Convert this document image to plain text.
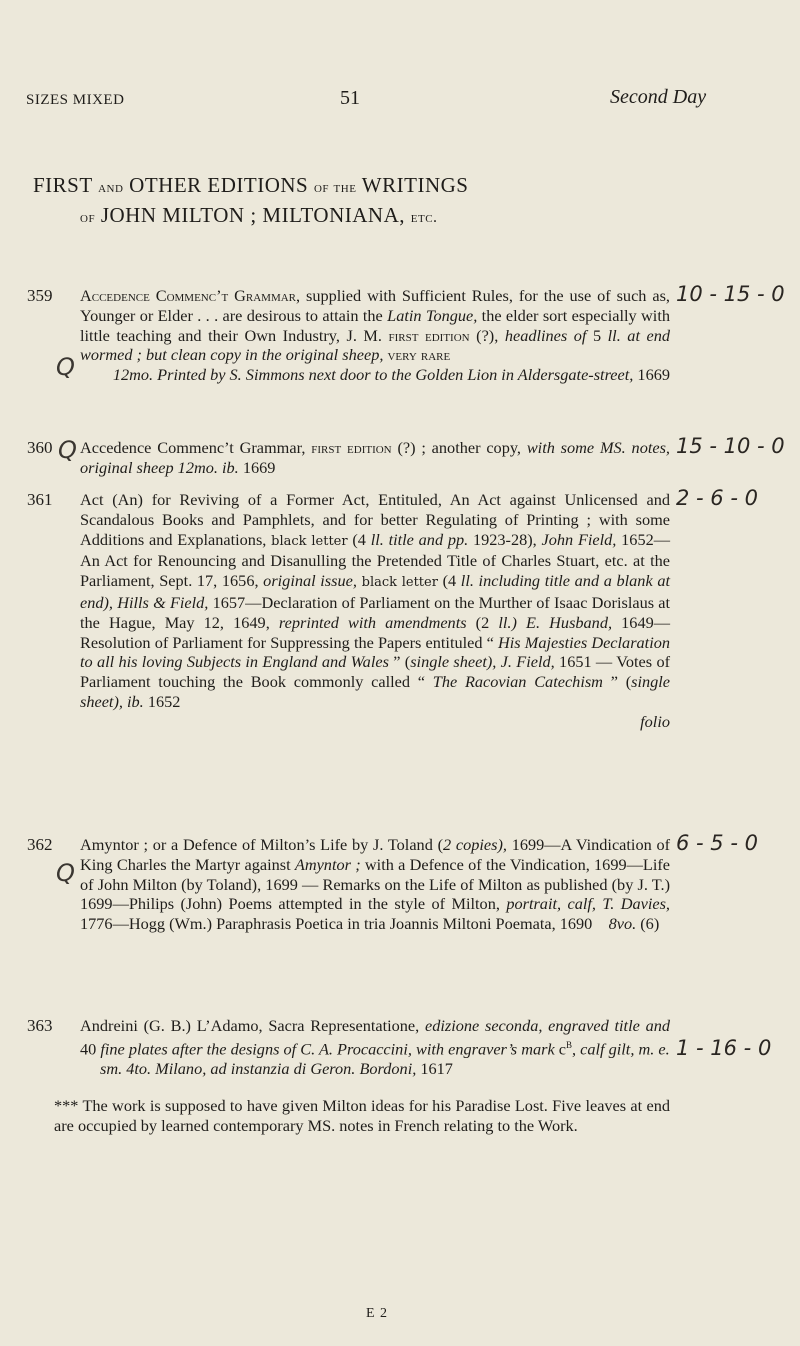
SIZES MIXED	51	Second Day
FIRST and OTHER EDITIONS of the WRITINGS
of JOHN MILTON ; MILTONIANA, etc.
359	10 - 15 - 0
Q

Accedence Commenc’t Grammar, supplied with Sufficient Rules, for the use of such as, Younger or Elder . . . are desirous to attain the Latin Tongue, the elder sort especially with little teaching and their Own Industry, J. M. first edition (?), headlines of 5 ll. at end wormed ; but clean copy in the original sheep, very rare

12mo. Printed by S. Simmons next door to the Golden Lion in Aldersgate-street, 1669

360	15 - 10 - 0
Q Accedence Commenc’t Grammar, first edition (?) ; another copy, with some MS. notes, original sheep 12mo. ib. 1669

361	2 - 6 - 0

Act (An) for Reviving of a Former Act, Entituled, An Act against Unlicensed and Scandalous Books and Pamphlets, and for better Regulating of Printing ; with some Additions and Explanations, black letter (4 ll. title and pp. 1923-28), John Field, 1652—An Act for Renouncing and Disanulling the Pretended Title of Charles Stuart, etc. at the Parliament, Sept. 17, 1656, original issue, black letter (4 ll. including title and a blank at end), Hills & Field, 1657—Declaration of Parliament on the Murther of Isaac Dorislaus at the Hague, May 12, 1649, reprinted with amendments (2 ll.) E. Husband, 1649—Resolution of Parliament for Suppressing the Papers entituled “ His Majesties Declaration to all his loving Subjects in England and Wales ” (single sheet), J. Field, 1651 — Votes of Parliament touching the Book commonly called “ The Racovian Catechism ” (single sheet), ib. 1652

folio

362	6 - 5 - 0
Q

Amyntor ; or a Defence of Milton’s Life by J. Toland (2 copies), 1699—A Vindication of King Charles the Martyr against Amyntor ; with a Defence of the Vindication, 1699—Life of John Milton (by Toland), 1699 — Remarks on the Life of Milton as published (by J. T.) 1699—Philips (John) Poems attempted in the style of Milton, portrait, calf, T. Davies, 1776—Hogg (Wm.) Paraphrasis Poetica in tria Joannis Miltoni Poemata, 1690 8vo. (6)

363
1 - 16 - 0

Andreini (G. B.) L’Adamo, Sacra Representatione, edizione seconda, engraved title and 40 fine plates after the designs of C. A. Procaccini, with engraver’s mark $c^B$, calf gilt, m. e.

sm. 4to. Milano, ad instanzia di Geron. Bordoni, 1617

*** The work is supposed to have given Milton ideas for his Paradise Lost. Five leaves at end are occupied by learned contemporary MS. notes in French relating to the Work.
E 2
